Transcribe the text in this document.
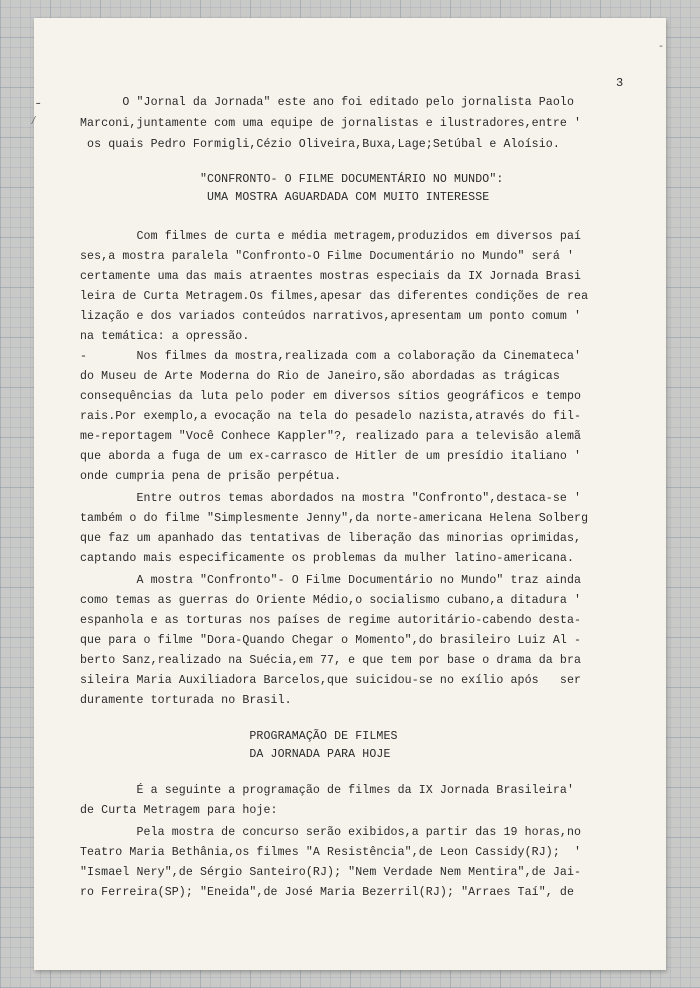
-
-
⁄
3
O "Jornal da Jornada" este ano foi editado pelo jornalista Paolo
Marconi,juntamente com uma equipe de jornalistas e ilustradores,entre '
os quais Pedro Formigli,Cézio Oliveira,Buxa,Lage;Setúbal e Aloísio.
"CONFRONTO- O FILME DOCUMENTÁRIO NO MUNDO":
UMA MOSTRA AGUARDADA COM MUITO INTERESSE
Com filmes de curta e média metragem,produzidos em diversos paí
ses,a mostra paralela "Confronto-O Filme Documentário no Mundo" será '
certamente uma das mais atraentes mostras especiais da IX Jornada Brasi
leira de Curta Metragem.Os filmes,apesar das diferentes condições de rea
lização e dos variados conteúdos narrativos,apresentam um ponto comum '
na temática: a opressão.
-       Nos filmes da mostra,realizada com a colaboração da Cinemateca'
do Museu de Arte Moderna do Rio de Janeiro,são abordadas as trágicas
consequências da luta pelo poder em diversos sítios geográficos e tempo
rais.Por exemplo,a evocação na tela do pesadelo nazista,através do fil-
me-reportagem "Você Conhece Kappler"?, realizado para a televisão alemã
que aborda a fuga de um ex-carrasco de Hitler de um presídio italiano '
onde cumpria pena de prisão perpétua.
Entre outros temas abordados na mostra "Confronto",destaca-se '
também o do filme "Simplesmente Jenny",da norte-americana Helena Solberg
que faz um apanhado das tentativas de liberação das minorias oprimidas,
captando mais especificamente os problemas da mulher latino-americana.
A mostra "Confronto"- O Filme Documentário no Mundo" traz ainda
como temas as guerras do Oriente Médio,o socialismo cubano,a ditadura '
espanhola e as torturas nos países de regime autoritário-cabendo desta-
que para o filme "Dora-Quando Chegar o Momento",do brasileiro Luiz Al -
berto Sanz,realizado na Suécia,em 77, e que tem por base o drama da bra
sileira Maria Auxiliadora Barcelos,que suicidou-se no exílio após   ser
duramente torturada no Brasil.
PROGRAMAÇÃO DE FILMES
DA JORNADA PARA HOJE
É a seguinte a programação de filmes da IX Jornada Brasileira'
de Curta Metragem para hoje:
Pela mostra de concurso serão exibidos,a partir das 19 horas,no
Teatro Maria Bethânia,os filmes "A Resistência",de Leon Cassidy(RJ);  '
"Ismael Nery",de Sérgio Santeiro(RJ); "Nem Verdade Nem Mentira",de Jai-
ro Ferreira(SP); "Eneida",de José Maria Bezerril(RJ); "Arraes Taí", de
